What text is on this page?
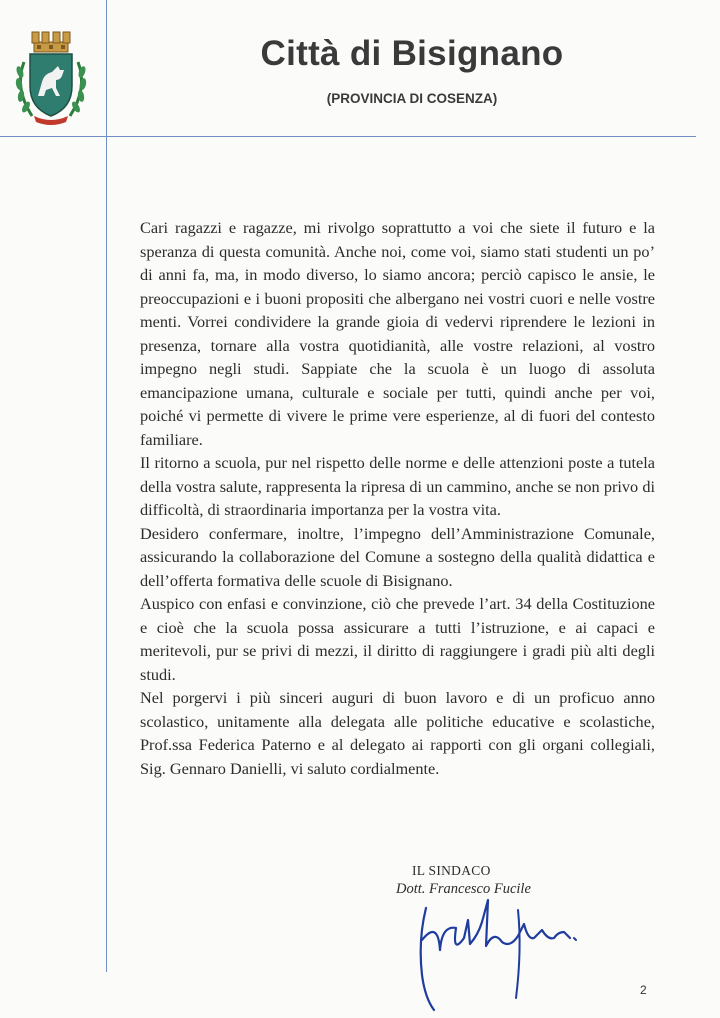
Città di Bisignano
(PROVINCIA DI COSENZA)

Cari ragazzi e ragazze, mi rivolgo soprattutto a voi che siete il futuro e la speranza di questa comunità. Anche noi, come voi, siamo stati studenti un po’ di anni fa, ma, in modo diverso, lo siamo ancora; perciò capisco le ansie, le preoccupazioni e i buoni propositi che albergano nei vostri cuori e nelle vostre menti. Vorrei condividere la grande gioia di vedervi riprendere le lezioni in presenza, tornare alla vostra quotidianità, alle vostre relazioni, al vostro impegno negli studi. Sappiate che la scuola è un luogo di assoluta emancipazione umana, culturale e sociale per tutti, quindi anche per voi, poiché vi permette di vivere le prime vere esperienze, al di fuori del contesto familiare.

Il ritorno a scuola, pur nel rispetto delle norme e delle attenzioni poste a tutela della vostra salute, rappresenta la ripresa di un cammino, anche se non privo di difficoltà, di straordinaria importanza per la vostra vita.

Desidero confermare, inoltre, l’impegno dell’Amministrazione Comunale, assicurando la collaborazione del Comune a sostegno della qualità didattica e dell’offerta formativa delle scuole di Bisignano.

Auspico con enfasi e convinzione, ciò che prevede l’art. 34 della Costituzione e cioè che la scuola possa assicurare a tutti l’istruzione, e ai capaci e meritevoli, pur se privi di mezzi, il diritto di raggiungere i gradi più alti degli studi.

Nel porgervi i più sinceri auguri di buon lavoro e di un proficuo anno scolastico, unitamente alla delegata alle politiche educative e scolastiche, Prof.ssa Federica Paterno e al delegato ai rapporti con gli organi collegiali, Sig. Gennaro Danielli, vi saluto cordialmente.

IL SINDACO
Dott. Francesco Fucile
2
